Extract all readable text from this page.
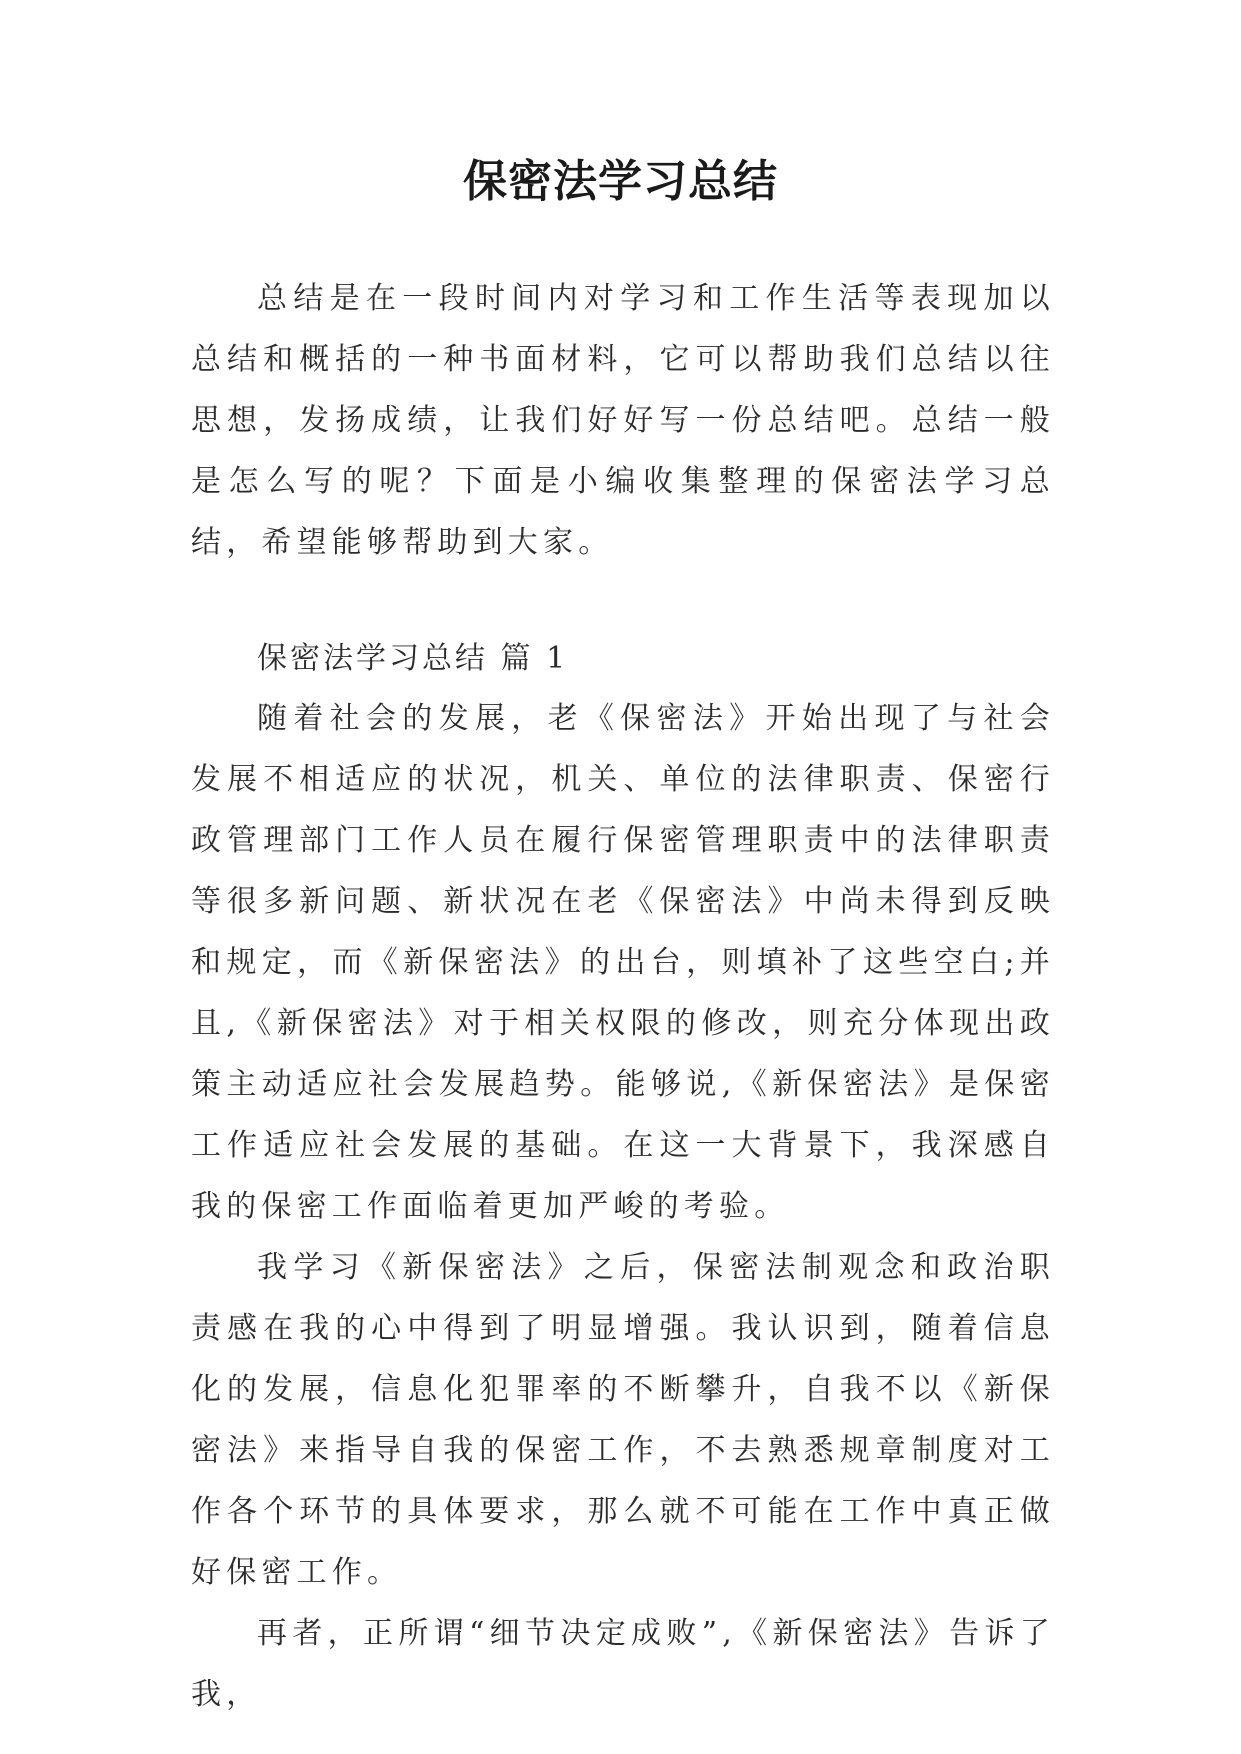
保密法学习总结

总结是在一段时间内对学习和工作生活等表现加以总结和概括的一种书面材料，它可以帮助我们总结以往思想，发扬成绩，让我们好好写一份总结吧。总结一般是怎么写的呢？下面是小编收集整理的保密法学习总结，希望能够帮助到大家。

保密法学习总结 篇 1

随着社会的发展，老《保密法》开始出现了与社会发展不相适应的状况，机关、单位的法律职责、保密行政管理部门工作人员在履行保密管理职责中的法律职责等很多新问题、新状况在老《保密法》中尚未得到反映和规定，而《新保密法》的出台，则填补了这些空白;并且,《新保密法》对于相关权限的修改，则充分体现出政策主动适应社会发展趋势。能够说,《新保密法》是保密工作适应社会发展的基础。在这一大背景下，我深感自我的保密工作面临着更加严峻的考验。

我学习《新保密法》之后，保密法制观念和政治职责感在我的心中得到了明显增强。我认识到，随着信息化的发展，信息化犯罪率的不断攀升，自我不以《新保密法》来指导自我的保密工作，不去熟悉规章制度对工作各个环节的具体要求，那么就不可能在工作中真正做好保密工作。

再者，正所谓“细节决定成败”,《新保密法》告诉了我，
